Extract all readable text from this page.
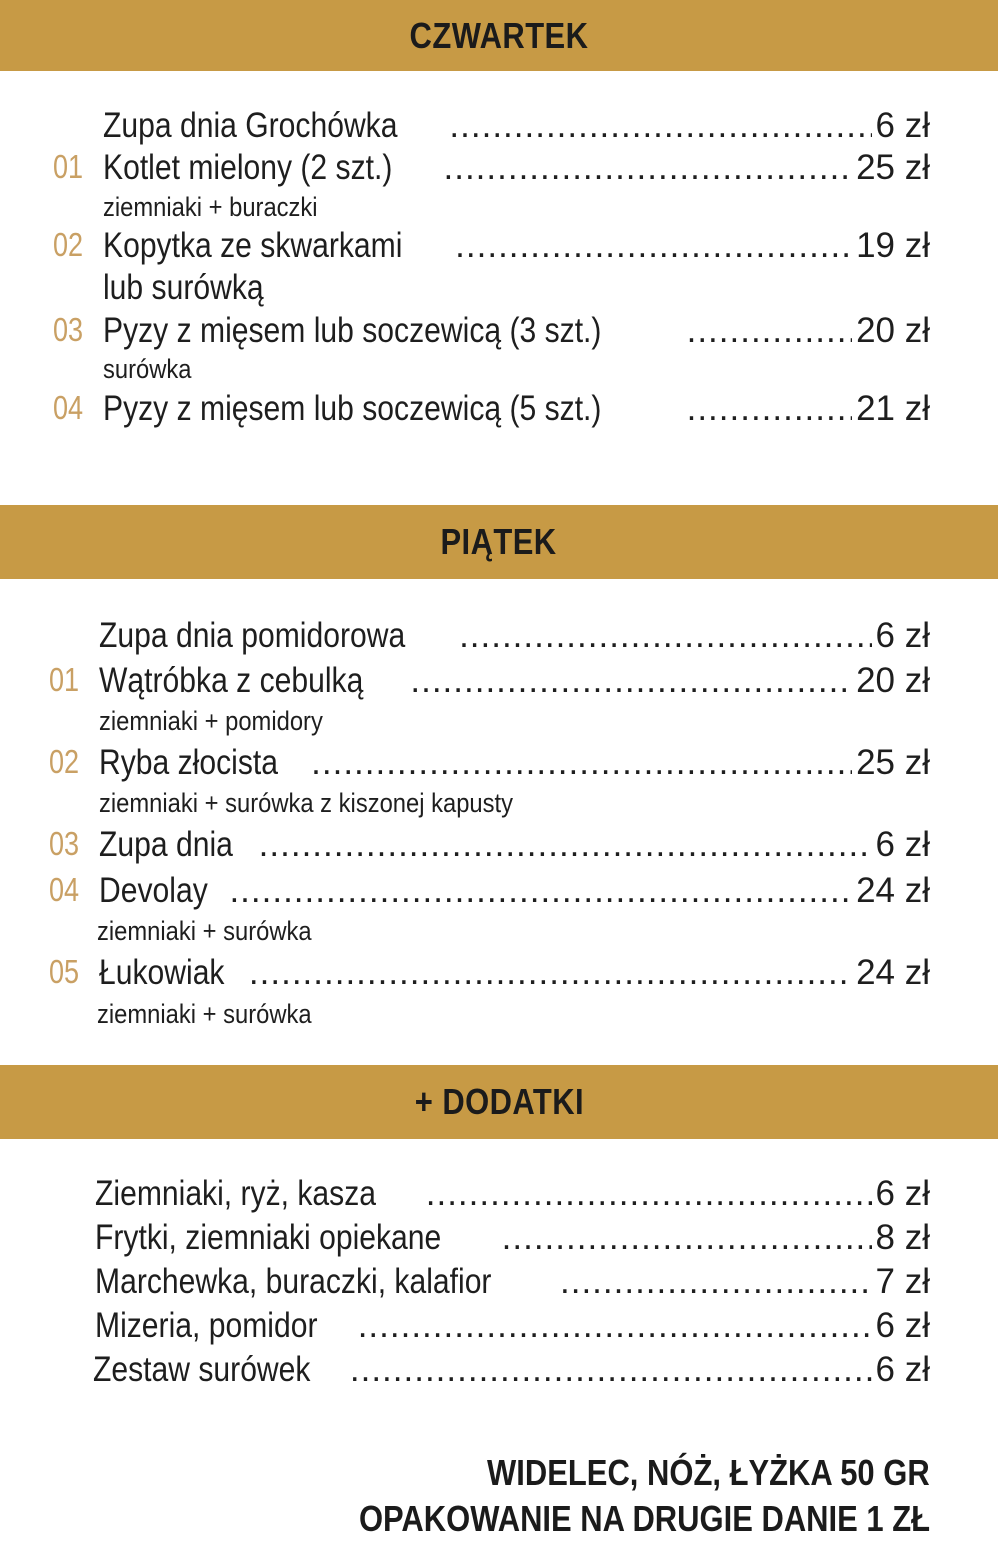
CZWARTEK
Zupa dnia Grochówka .....	6 zł
01 Kotlet mielony (2 szt.) .....	25 zł
ziemniaki + buraczki
02 Kopytka ze skwarkami .....	19 zł
lub surówką
03 Pyzy z mięsem lub soczewicą (3 szt.) .....	20 zł
surówka
04 Pyzy z mięsem lub soczewicą (5 szt.) .....	21 zł
PIĄTEK
Zupa dnia pomidorowa .....	6 zł
01 Wątróbka z cebulką .....	20 zł
ziemniaki + pomidory
02 Ryba złocista .....	25 zł
ziemniaki + surówka z kiszonej kapusty
03 Zupa dnia .....	6 zł
04 Devolay .....	24 zł
ziemniaki + surówka
05 Łukowiak .....	24 zł
ziemniaki + surówka
+ DODATKI
Ziemniaki, ryż, kasza .....	6 zł
Frytki, ziemniaki opiekane .....	8 zł
Marchewka, buraczki, kalafior .....	7 zł
Mizeria, pomidor .....	6 zł
Zestaw surówek .....	6 zł
WIDELEC, NÓŻ, ŁYŻKA 50 GR
OPAKOWANIE NA DRUGIE DANIE 1 ZŁ
